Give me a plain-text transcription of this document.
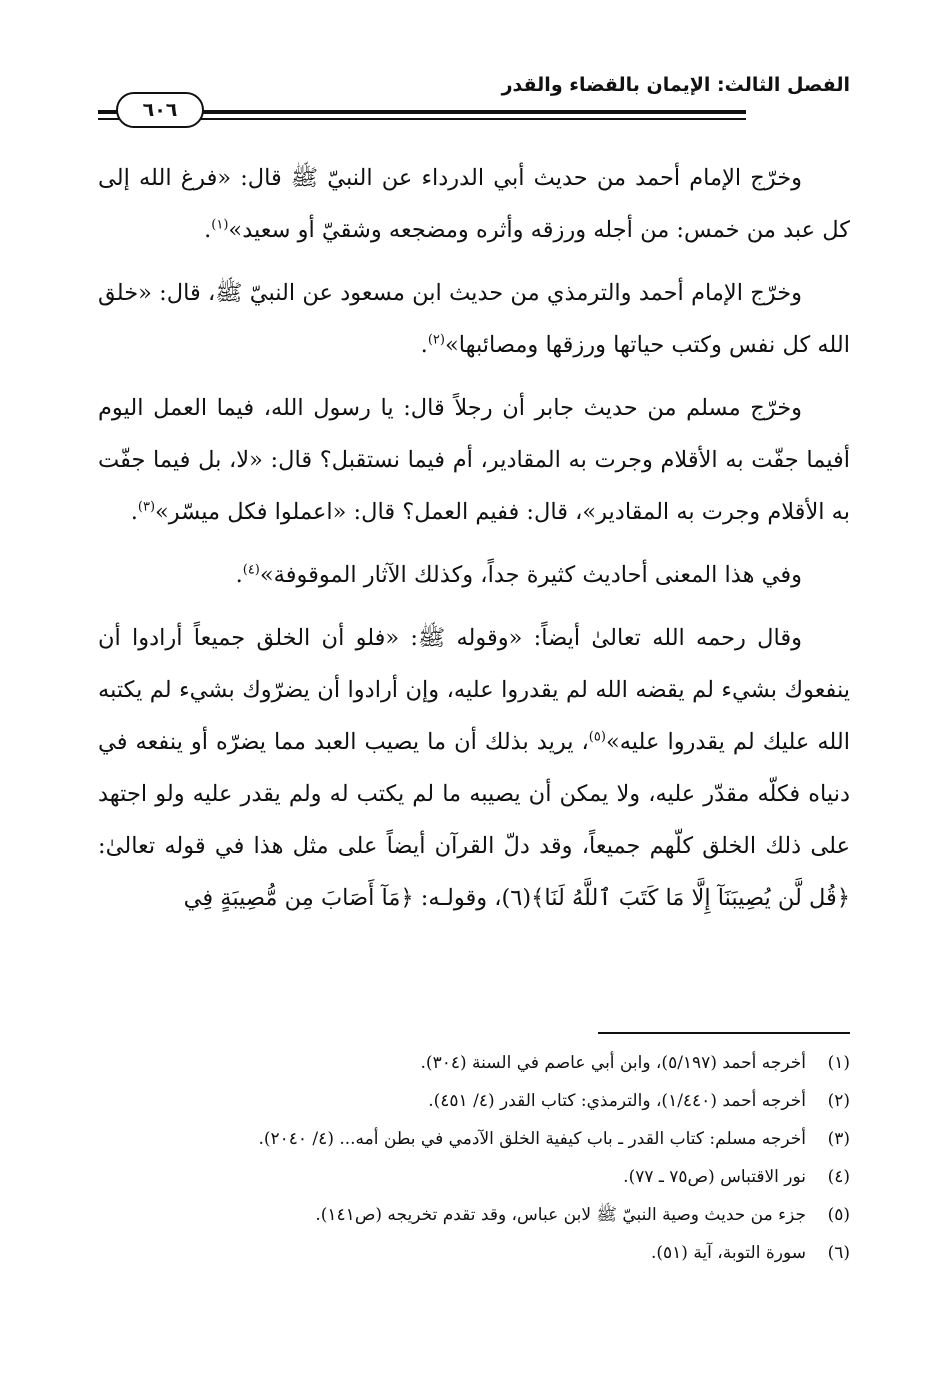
الفصل الثالث: الإيمان بالقضاء والقدر
٦٠٦

وخرّج الإمام أحمد من حديث أبي الدرداء عن النبيّ ﷺ قال: «فرغ الله إلى كل عبد من خمس: من أجله ورزقه وأثره ومضجعه وشقيّ أو سعيد»$^{(١)}$.

وخرّج الإمام أحمد والترمذي من حديث ابن مسعود عن النبيّ ﷺ، قال: «خلق الله كل نفس وكتب حياتها ورزقها ومصائبها»$^{(٢)}$.

وخرّج مسلم من حديث جابر أن رجلاً قال: يا رسول الله، فيما العمل اليوم أفيما جفّت به الأقلام وجرت به المقادير، أم فيما نستقبل؟ قال: «لا، بل فيما جفّت به الأقلام وجرت به المقادير»، قال: ففيم العمل؟ قال: «اعملوا فكل ميسّر»$^{(٣)}$.

وفي هذا المعنى أحاديث كثيرة جداً، وكذلك الآثار الموقوفة»$^{(٤)}$.

وقال رحمه الله تعالىٰ أيضاً: «وقوله ﷺ: «فلو أن الخلق جميعاً أرادوا أن ينفعوك بشيء لم يقضه الله لم يقدروا عليه، وإن أرادوا أن يضرّوك بشيء لم يكتبه الله عليك لم يقدروا عليه»$^{(٥)}$، يريد بذلك أن ما يصيب العبد مما يضرّه أو ينفعه في دنياه فكلّه مقدّر عليه، ولا يمكن أن يصيبه ما لم يكتب له ولم يقدر عليه ولو اجتهد على ذلك الخلق كلّهم جميعاً، وقد دلّ القرآن أيضاً على مثل هذا في قوله تعالىٰ: ﴿قُل لَّن يُصِيبَنَآ إِلَّا مَا كَتَبَ ٱللَّهُ لَنَا﴾(٦)، وقولـه: ﴿مَآ أَصَابَ مِن مُّصِيبَةٍ فِي

(١)
أخرجه أحمد (٥/١٩٧)، وابن أبي عاصم في السنة (٣٠٤).
(٢)
أخرجه أحمد (١/٤٤٠)، والترمذي: كتاب القدر (٤/ ٤٥١).
(٣)
أخرجه مسلم: كتاب القدر ـ باب كيفية الخلق الآدمي في بطن أمه... (٤/ ٢٠٤٠).
(٤)
نور الاقتباس (ص٧٥ ـ ٧٧).
(٥)
جزء من حديث وصية النبيّ ﷺ لابن عباس، وقد تقدم تخريجه (ص١٤١).
(٦)
سورة التوبة، آية (٥١).
